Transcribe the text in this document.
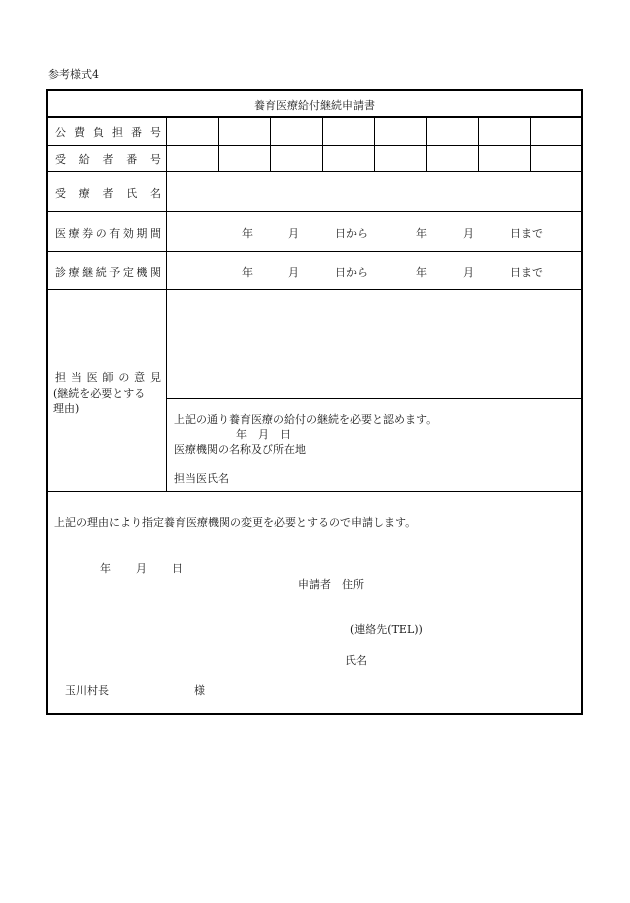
参考様式4
養育医療給付継続申請書
公 費 負 担 番 号
受 給 者 番 号
受 療 者 氏 名
医 療 券 の 有 効 期 間	年	月	日から	年	月	日まで
診 療 継 続 予 定 機 関	年	月	日から	年	月	日まで
担 当 医 師 の 意 見
(継続を必要とする
理由)
上記の通り養育医療の給付の継続を必要と認めます。
年　月　日
医療機関の名称及び所在地
担当医氏名
上記の理由により指定養育医療機関の変更を必要とするので申請します。
年 月 日
申請者　住所
(連絡先(TEL))
氏名
玉川村長	様
